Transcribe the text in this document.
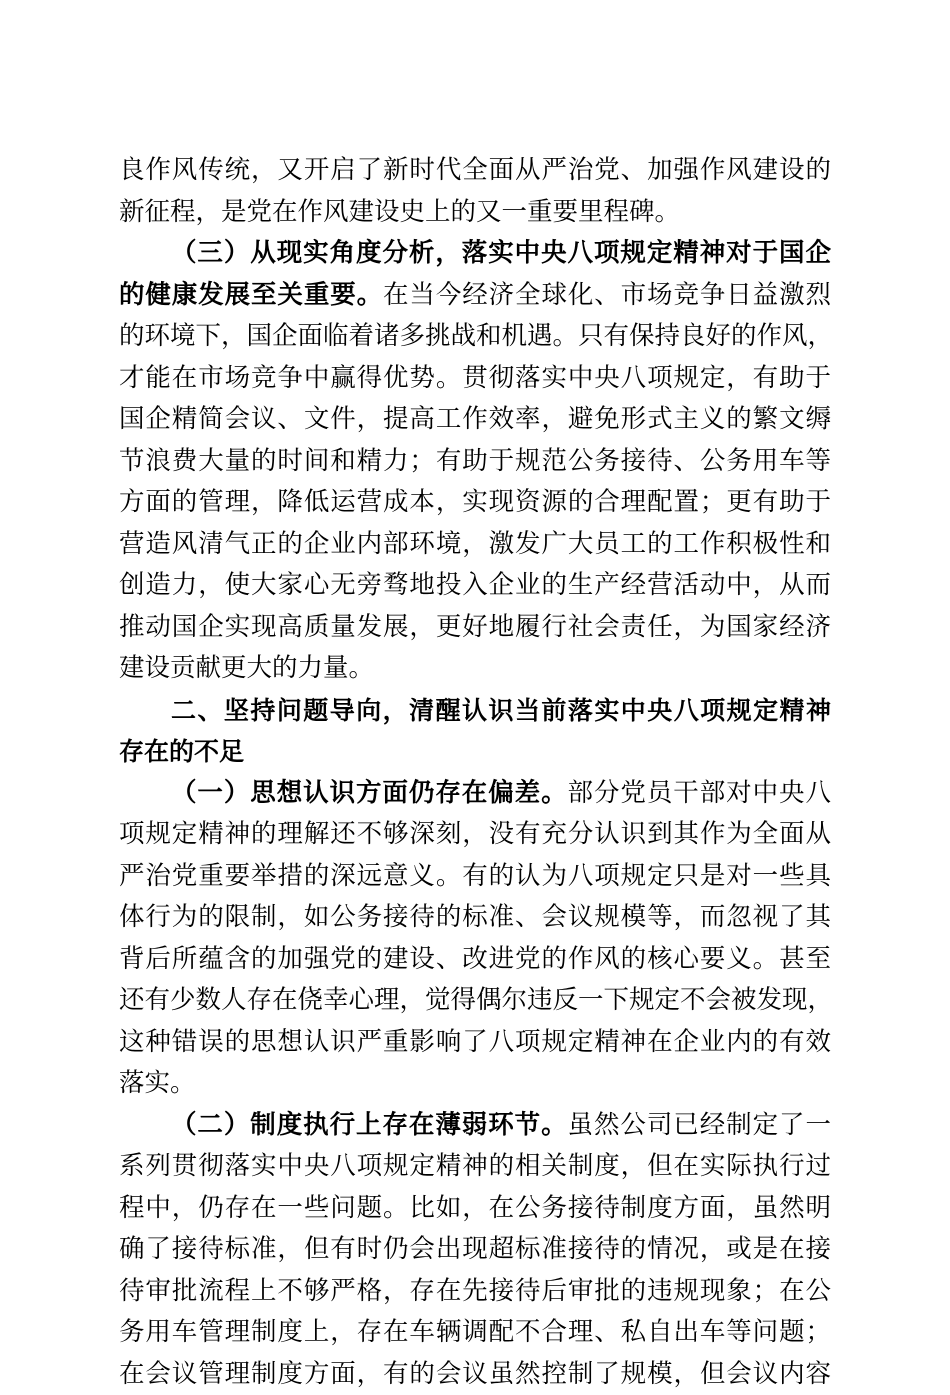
良作风传统，又开启了新时代全面从严治党、加强作风建设的
新征程，是党在作风建设史上的又一重要里程碑。
（三）从现实角度分析，落实中央八项规定精神对于国企
的健康发展至关重要。在当今经济全球化、市场竞争日益激烈
的环境下，国企面临着诸多挑战和机遇。只有保持良好的作风，
才能在市场竞争中赢得优势。贯彻落实中央八项规定，有助于
国企精简会议、文件，提高工作效率，避免形式主义的繁文缛
节浪费大量的时间和精力；有助于规范公务接待、公务用车等
方面的管理，降低运营成本，实现资源的合理配置；更有助于
营造风清气正的企业内部环境，激发广大员工的工作积极性和
创造力，使大家心无旁骛地投入企业的生产经营活动中，从而
推动国企实现高质量发展，更好地履行社会责任，为国家经济
建设贡献更大的力量。
二、坚持问题导向，清醒认识当前落实中央八项规定精神
存在的不足
（一）思想认识方面仍存在偏差。部分党员干部对中央八
项规定精神的理解还不够深刻，没有充分认识到其作为全面从
严治党重要举措的深远意义。有的认为八项规定只是对一些具
体行为的限制，如公务接待的标准、会议规模等，而忽视了其
背后所蕴含的加强党的建设、改进党的作风的核心要义。甚至
还有少数人存在侥幸心理，觉得偶尔违反一下规定不会被发现，
这种错误的思想认识严重影响了八项规定精神在企业内的有效
落实。
（二）制度执行上存在薄弱环节。虽然公司已经制定了一
系列贯彻落实中央八项规定精神的相关制度，但在实际执行过
程中，仍存在一些问题。比如，在公务接待制度方面，虽然明
确了接待标准，但有时仍会出现超标准接待的情况，或是在接
待审批流程上不够严格，存在先接待后审批的违规现象；在公
务用车管理制度上，存在车辆调配不合理、私自出车等问题；
在会议管理制度方面，有的会议虽然控制了规模，但会议内容
